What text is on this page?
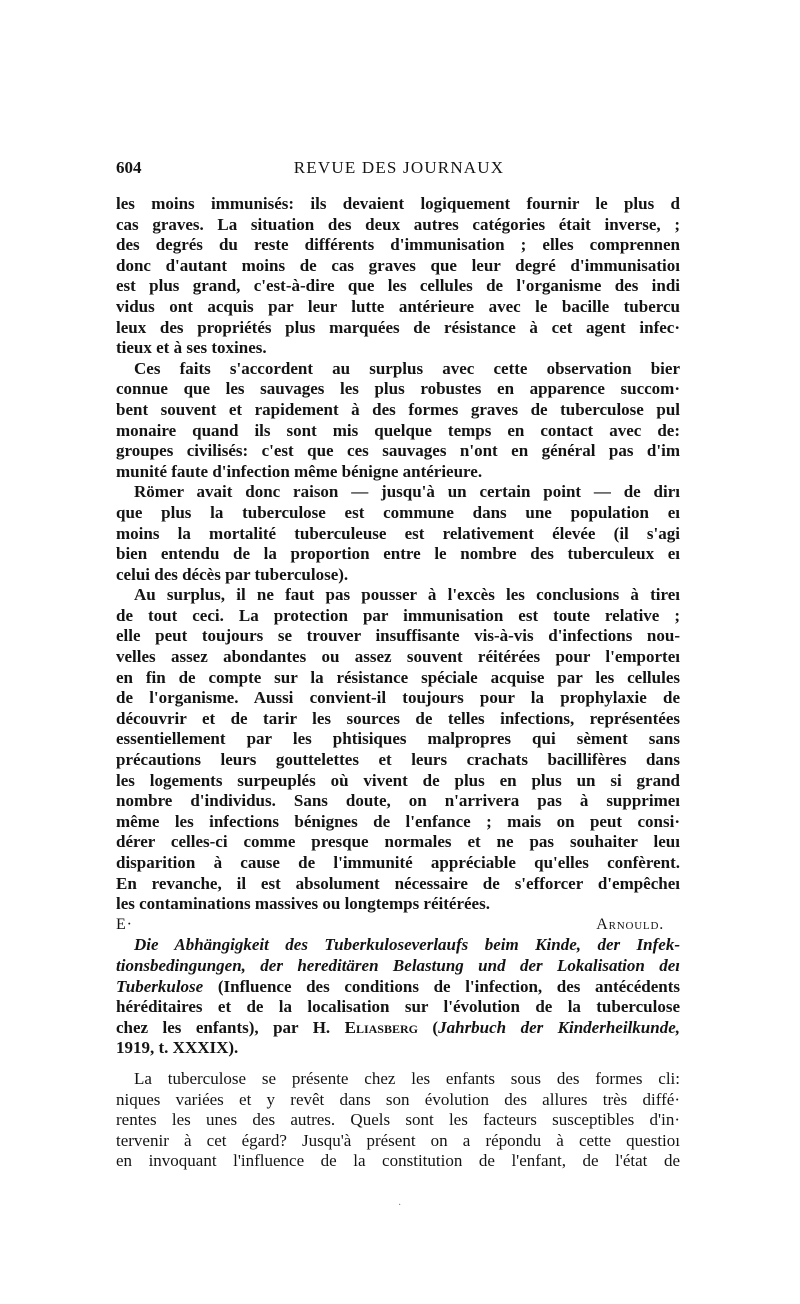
604	REVUE DES JOURNAUX
les moins immunisés: ils devaient logiquement fournir le plus d
cas graves. La situation des deux autres catégories était inverse, ;
des degrés du reste différents d'immunisation ; elles comprennen
donc d'autant moins de cas graves que leur degré d'immunisatioı
est plus grand, c'est-à-dire que les cellules de l'organisme des indi
vidus ont acquis par leur lutte antérieure avec le bacille tubercu
leux des propriétés plus marquées de résistance à cet agent infec·
tieux et à ses toxines.
Ces faits s'accordent au surplus avec cette observation bier
connue que les sauvages les plus robustes en apparence succom·
bent souvent et rapidement à des formes graves de tuberculose pul
monaire quand ils sont mis quelque temps en contact avec de:
groupes civilisés: c'est que ces sauvages n'ont en général pas d'im
munité faute d'infection même bénigne antérieure.
Römer avait donc raison — jusqu'à un certain point — de dirı
que plus la tuberculose est commune dans une population eı
moins la mortalité tuberculeuse est relativement élevée (il s'agi
bien entendu de la proportion entre le nombre des tuberculeux eı
celui des décès par tuberculose).
Au surplus, il ne faut pas pousser à l'excès les conclusions à tireı
de tout ceci. La protection par immunisation est toute relative ;
elle peut toujours se trouver insuffisante vis-à-vis d'infections nou-
velles assez abondantes ou assez souvent réitérées pour l'emporteı
en fin de compte sur la résistance spéciale acquise par les cellules
de l'organisme. Aussi convient-il toujours pour la prophylaxie de
découvrir et de tarir les sources de telles infections, représentées
essentiellement par les phtisiques malpropres qui sèment sans
précautions leurs gouttelettes et leurs crachats bacillifères dans
les logements surpeuplés où vivent de plus en plus un si grand
nombre d'individus. Sans doute, on n'arrivera pas à supprimeı
même les infections bénignes de l'enfance ; mais on peut consi·
dérer celles-ci comme presque normales et ne pas souhaiter leuı
disparition à cause de l'immunité appréciable qu'elles confèrent.
En revanche, il est absolument nécessaire de s'efforcer d'empêcheı
les contaminations massives ou longtemps réitérées.
E· Arnould.
Die Abhängigkeit des Tuberkuloseverlaufs beim Kinde, der Infek-
tionsbedingungen, der hereditären Belastung und der Lokalisation deı
Tuberkulose (Influence des conditions de l'infection, des antécédents
héréditaires et de la localisation sur l'évolution de la tuberculose
chez les enfants), par H. Eliasberg (Jahrbuch der Kinderheilkunde,
1919, t. XXXIX).
La tuberculose se présente chez les enfants sous des formes cli:
niques variées et y revêt dans son évolution des allures très diffé·
rentes les unes des autres. Quels sont les facteurs susceptibles d'in·
tervenir à cet égard? Jusqu'à présent on a répondu à cette questioı
en invoquant l'influence de la constitution de l'enfant, de l'état de
·
